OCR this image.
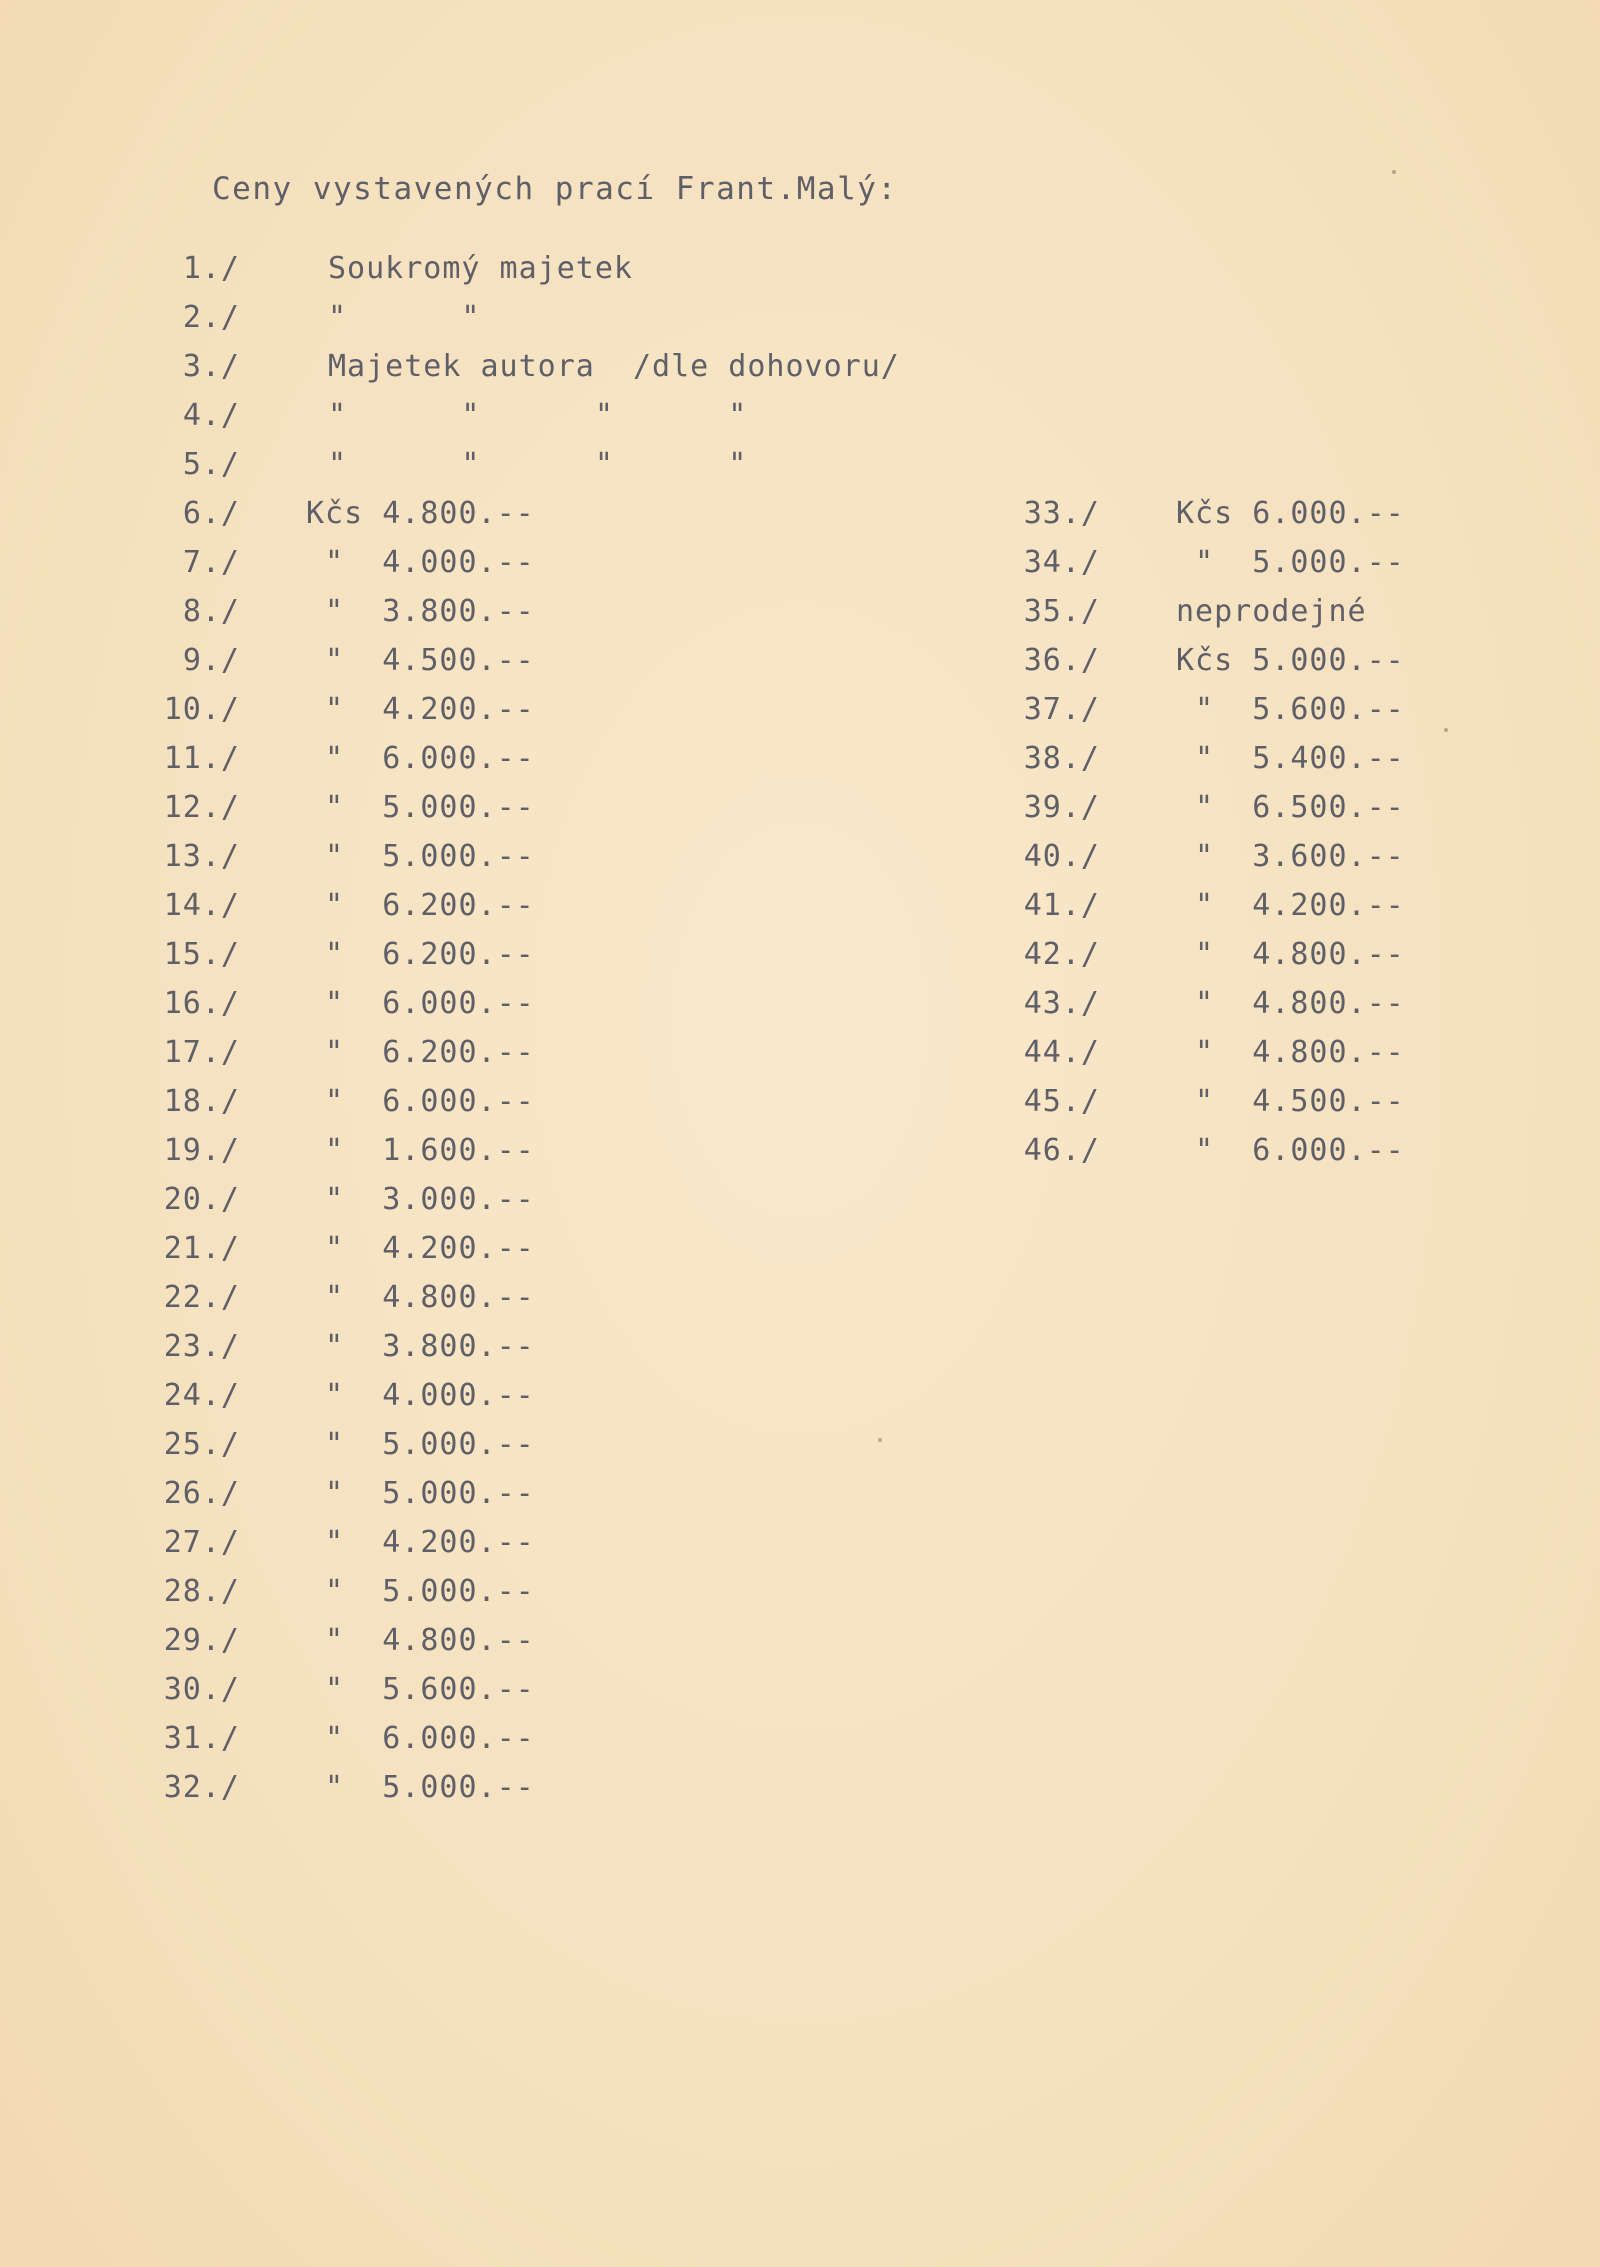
Ceny vystavených prací Frant.Malý:
1./	Soukromý majetek
2./	"      "
3./	Majetek autora  /dle dohovoru/
4./	"      "      "      "
5./	"      "      "      "
6./ Kčs 4.800.--
7./ "  4.000.--
8./ "  3.800.--
9./ "  4.500.--
10./ "  4.200.--
11./ "  6.000.--
12./ "  5.000.--
13./ "  5.000.--
14./ "  6.200.--
15./ "  6.200.--
16./ "  6.000.--
17./ "  6.200.--
18./ "  6.000.--
19./ "  1.600.--
20./ "  3.000.--
21./ "  4.200.--
22./ "  4.800.--
23./ "  3.800.--
24./ "  4.000.--
25./ "  5.000.--
26./ "  5.000.--
27./ "  4.200.--
28./ "  5.000.--
29./ "  4.800.--
30./ "  5.600.--
31./ "  6.000.--
32./ "  5.000.--
33./	Kčs 6.000.--
34./	"  5.000.--
35./	neprodejné
36./	Kčs 5.000.--
37./	"  5.600.--
38./	"  5.400.--
39./	"  6.500.--
40./	"  3.600.--
41./	"  4.200.--
42./	"  4.800.--
43./	"  4.800.--
44./	"  4.800.--
45./	"  4.500.--
46./	"  6.000.--
